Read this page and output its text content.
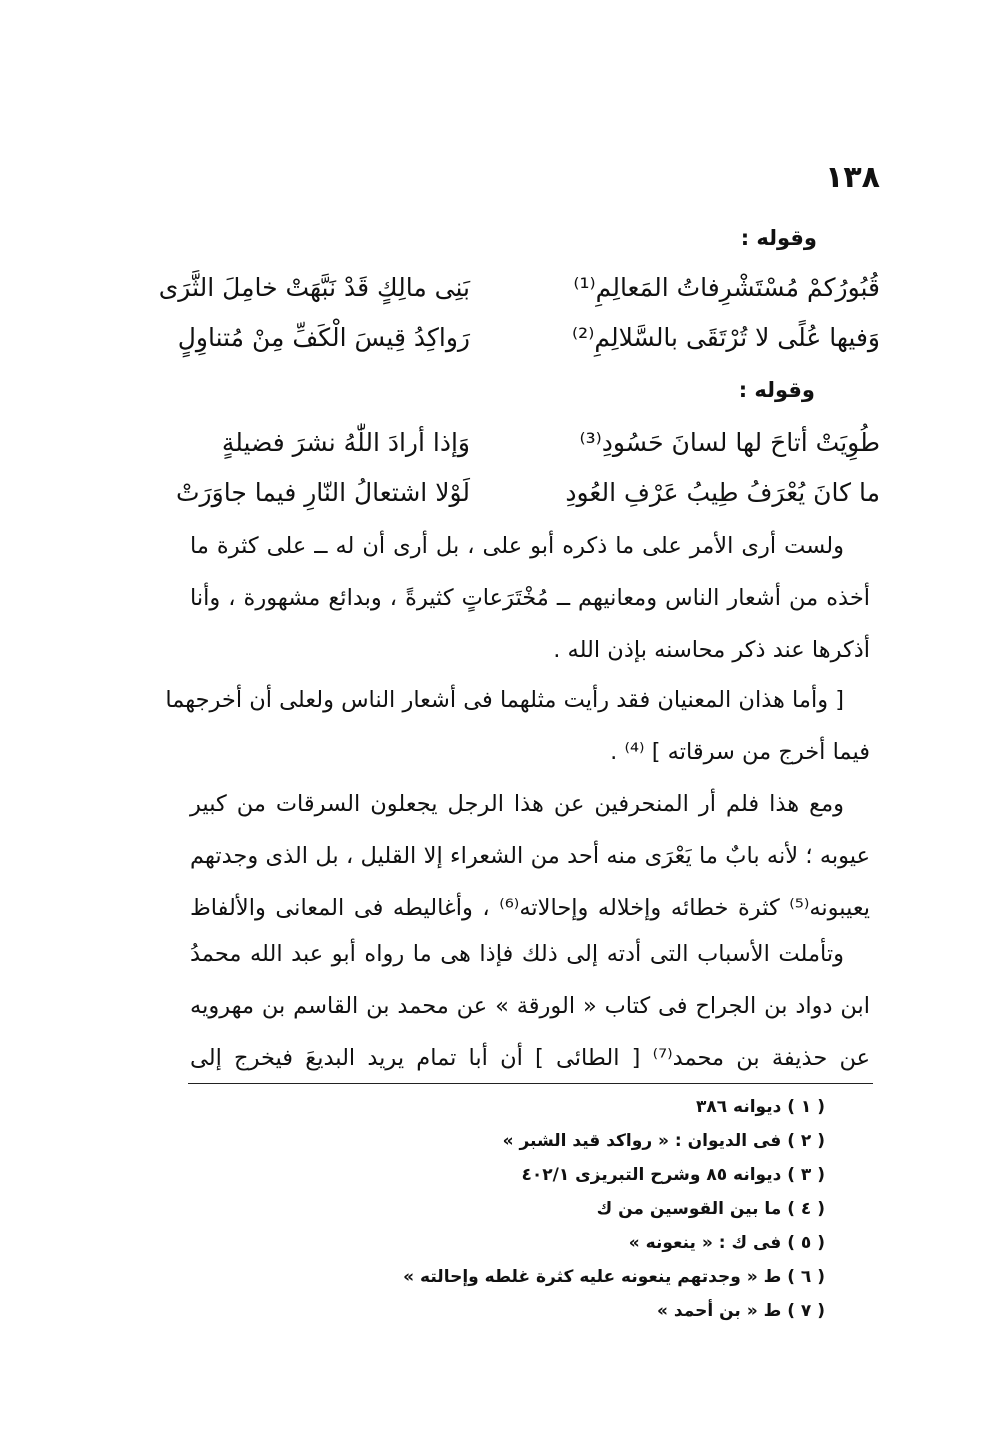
١٣٨
وقوله :
بَنِى مالِكٍ قَدْ نَبَّهَتْ خامِلَ الثَّرَى	قُبُورُكمْ مُسْتَشْرِفاتُ المَعالِمِ⁽¹⁾
رَواكِدُ قِيسَ الْكَفِّ مِنْ مُتناوِلٍ	وَفيها عُلًى لا تُرْتَقَى بالسَّلالِمِ⁽²⁾
وقوله :
وَإذا أرادَ اللّٰهُ نشرَ فضيلةٍ	طُوِيَتْ أتاحَ لها لسانَ حَسُودِ⁽³⁾
لَوْلا اشتعالُ النّارِ فيما جاوَرَتْ	ما كانَ يُعْرَفُ طِيبُ عَرْفِ العُودِ
ولست أرى الأمر على ما ذكره أبو على ، بل أرى أن له ــ على كثرة ما
أخذه من أشعار الناس ومعانيهم ــ مُخْتَرَعاتٍ كثيرةً ، وبدائع مشهورة ، وأنا
أذكرها عند ذكر محاسنه بإذن الله .
[ وأما هذان المعنيان فقد رأيت مثلهما فى أشعار الناس ولعلى أن أخرجهما
فيما أخرج من سرقاته ] ⁽⁴⁾ .
ومع هذا فلم أر المنحرفين عن هذا الرجل يجعلون السرقات من كبير
عيوبه ؛ لأنه بابٌ ما يَعْرَى منه أحد من الشعراء إلا القليل ، بل الذى وجدتهم
يعيبونه⁽⁵⁾ كثرة خطائه وإخلاله وإحالاته⁽⁶⁾ ، وأغاليطه فى المعانى والألفاظ
وتأملت الأسباب التى أدته إلى ذلك فإذا هى ما رواه أبو عبد الله محمدُ
ابن دواد بن الجراح فى كتاب « الورقة » عن محمد بن القاسم بن مهرويه
عن حذيفة بن محمد⁽⁷⁾ [ الطائى ] أن أبا تمام يريد البديعَ فيخرج إلى
( ١ ) ديوانه ٣٨٦
( ٢ ) فى الديوان : « رواكد قيد الشبر »
( ٣ ) ديوانه ٨٥ وشرح التبريزى ٤٠٢/١
( ٤ ) ما بين القوسين من ك
( ٥ ) فى ك : « ينعونه »
( ٦ ) ط « وجدتهم ينعونه عليه كثرة غلطه وإحالته »
( ٧ ) ط « بن أحمد »
